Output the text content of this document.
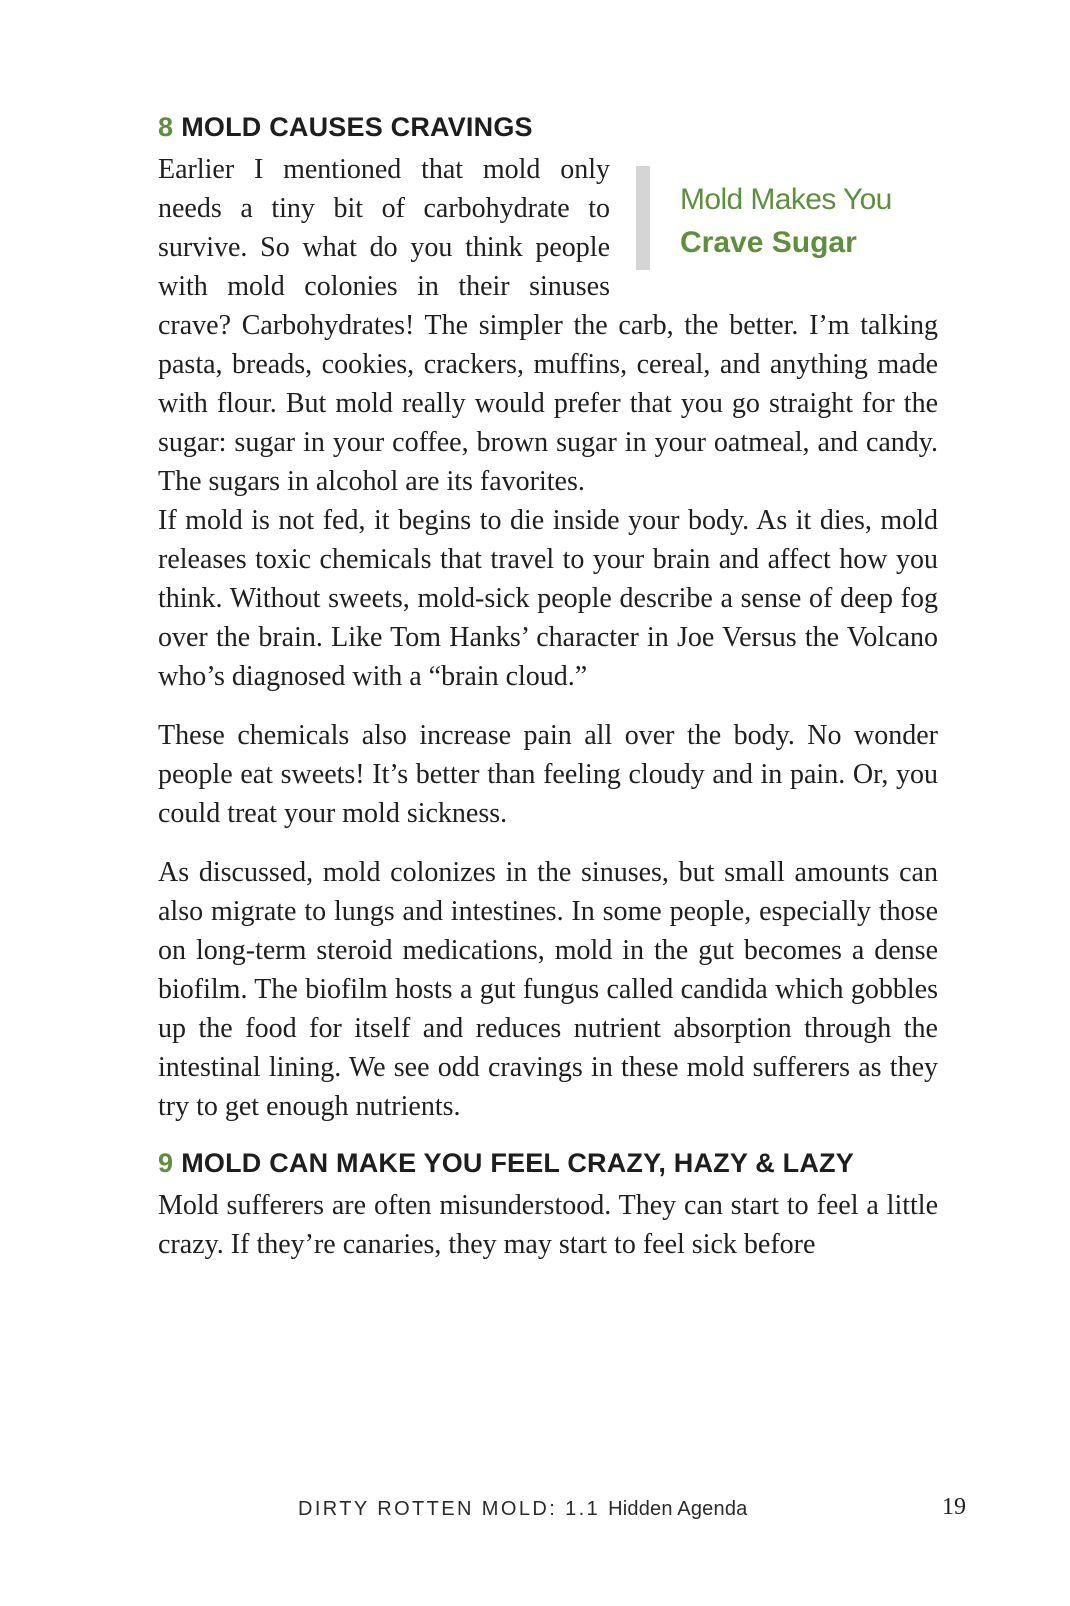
8 MOLD CAUSES CRAVINGS

Mold Makes You
Crave Sugar
Earlier I mentioned that mold only needs a tiny bit of carbohydrate to survive. So what do you think people with mold colonies in their sinuses crave? Carbohydrates! The simpler the carb, the better. I’m talking pasta, breads, cookies, crackers, muffins, cereal, and anything made with flour. But mold really would prefer that you go straight for the sugar: sugar in your coffee, brown sugar in your oatmeal, and candy. The sugars in alcohol are its favorites.

If mold is not fed, it begins to die inside your body. As it dies, mold releases toxic chemicals that travel to your brain and affect how you think. Without sweets, mold-sick people describe a sense of deep fog over the brain. Like Tom Hanks’ character in Joe Versus the Volcano who’s diagnosed with a “brain cloud.”

These chemicals also increase pain all over the body. No wonder people eat sweets! It’s better than feeling cloudy and in pain. Or, you could treat your mold sickness.

As discussed, mold colonizes in the sinuses, but small amounts can also migrate to lungs and intestines. In some people, especially those on long-term steroid medications, mold in the gut becomes a dense biofilm. The biofilm hosts a gut fungus called candida which gobbles up the food for itself and reduces nutrient absorption through the intestinal lining. We see odd cravings in these mold sufferers as they try to get enough nutrients.

9 MOLD CAN MAKE YOU FEEL CRAZY, HAZY & LAZY

Mold sufferers are often misunderstood. They can start to feel a little crazy. If they’re canaries, they may start to feel sick before

DIRTY ROTTEN MOLD: 1.1 Hidden Agenda	19
